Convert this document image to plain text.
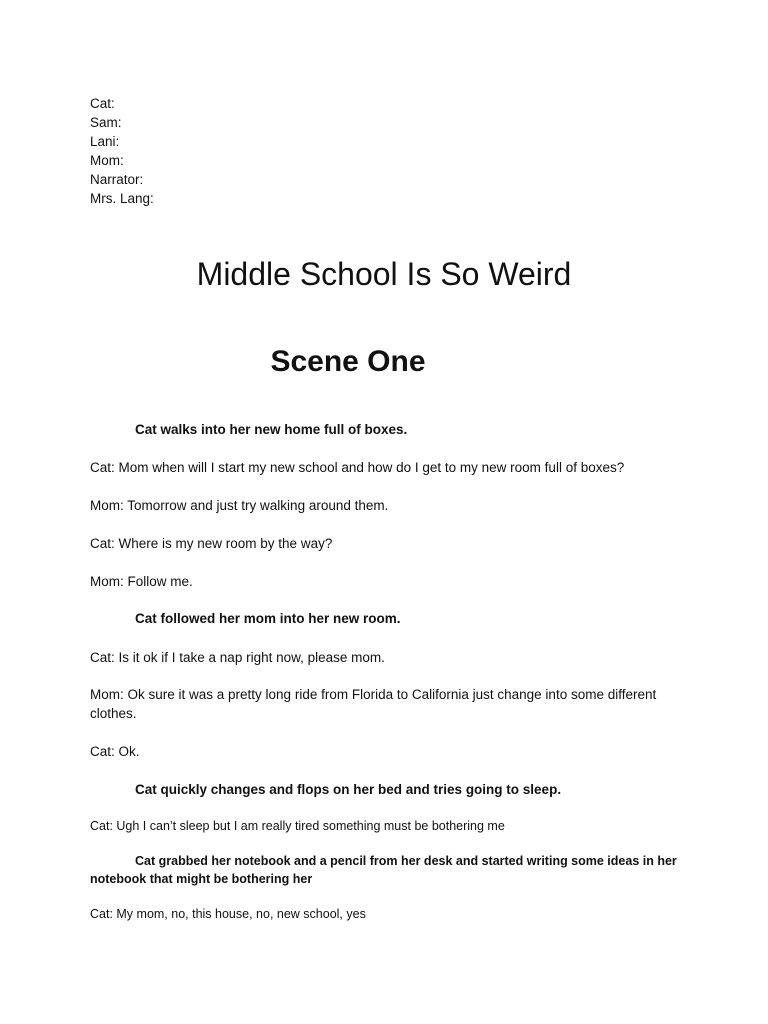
Cat:
Sam:
Lani:
Mom:
Narrator:
Mrs. Lang:
Middle School Is So Weird
Scene One
Cat walks into her new home full of boxes.
Cat: Mom when will I start my new school and how do I get to my new room full of boxes?
Mom: Tomorrow and just try walking around them.
Cat: Where is my new room by the way?
Mom: Follow me.
Cat followed her mom into her new room.
Cat: Is it ok if I take a nap right now, please mom.
Mom: Ok sure it was a pretty long ride from Florida to California just change into some different clothes.
Cat: Ok.
Cat quickly changes and flops on her bed and tries going to sleep.
Cat: Ugh I can’t sleep but I am really tired something must be bothering me
Cat grabbed her notebook and a pencil from her desk and started writing some ideas in her notebook that might be bothering her
Cat: My mom, no, this house, no, new school, yes
